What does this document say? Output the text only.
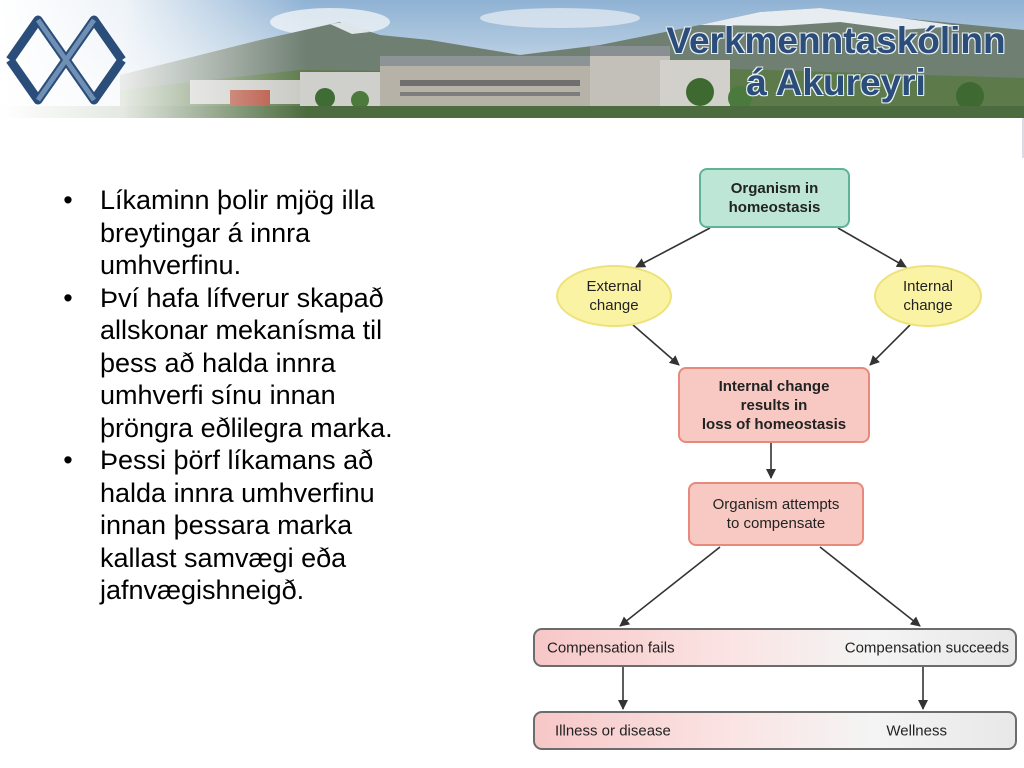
Verkmenntaskólinn
á Akureyri
• Líkaminn þolir mjög illa
breytingar á innra
umhverfinu.
• Því hafa lífverur skapað
allskonar mekanísma til
þess að halda innra
umhverfi sínu innan
þröngra eðlilegra marka.
• Þessi þörf líkamans að
halda innra umhverfinu
innan þessara marka
kallast samvægi eða
jafnvægishneigð.
Organism in
homeostasis
External
change
Internal
change
Internal change
results in
loss of homeostasis
Organism attempts
to compensate
Compensation fails	Compensation succeeds
Illness or disease	Wellness
